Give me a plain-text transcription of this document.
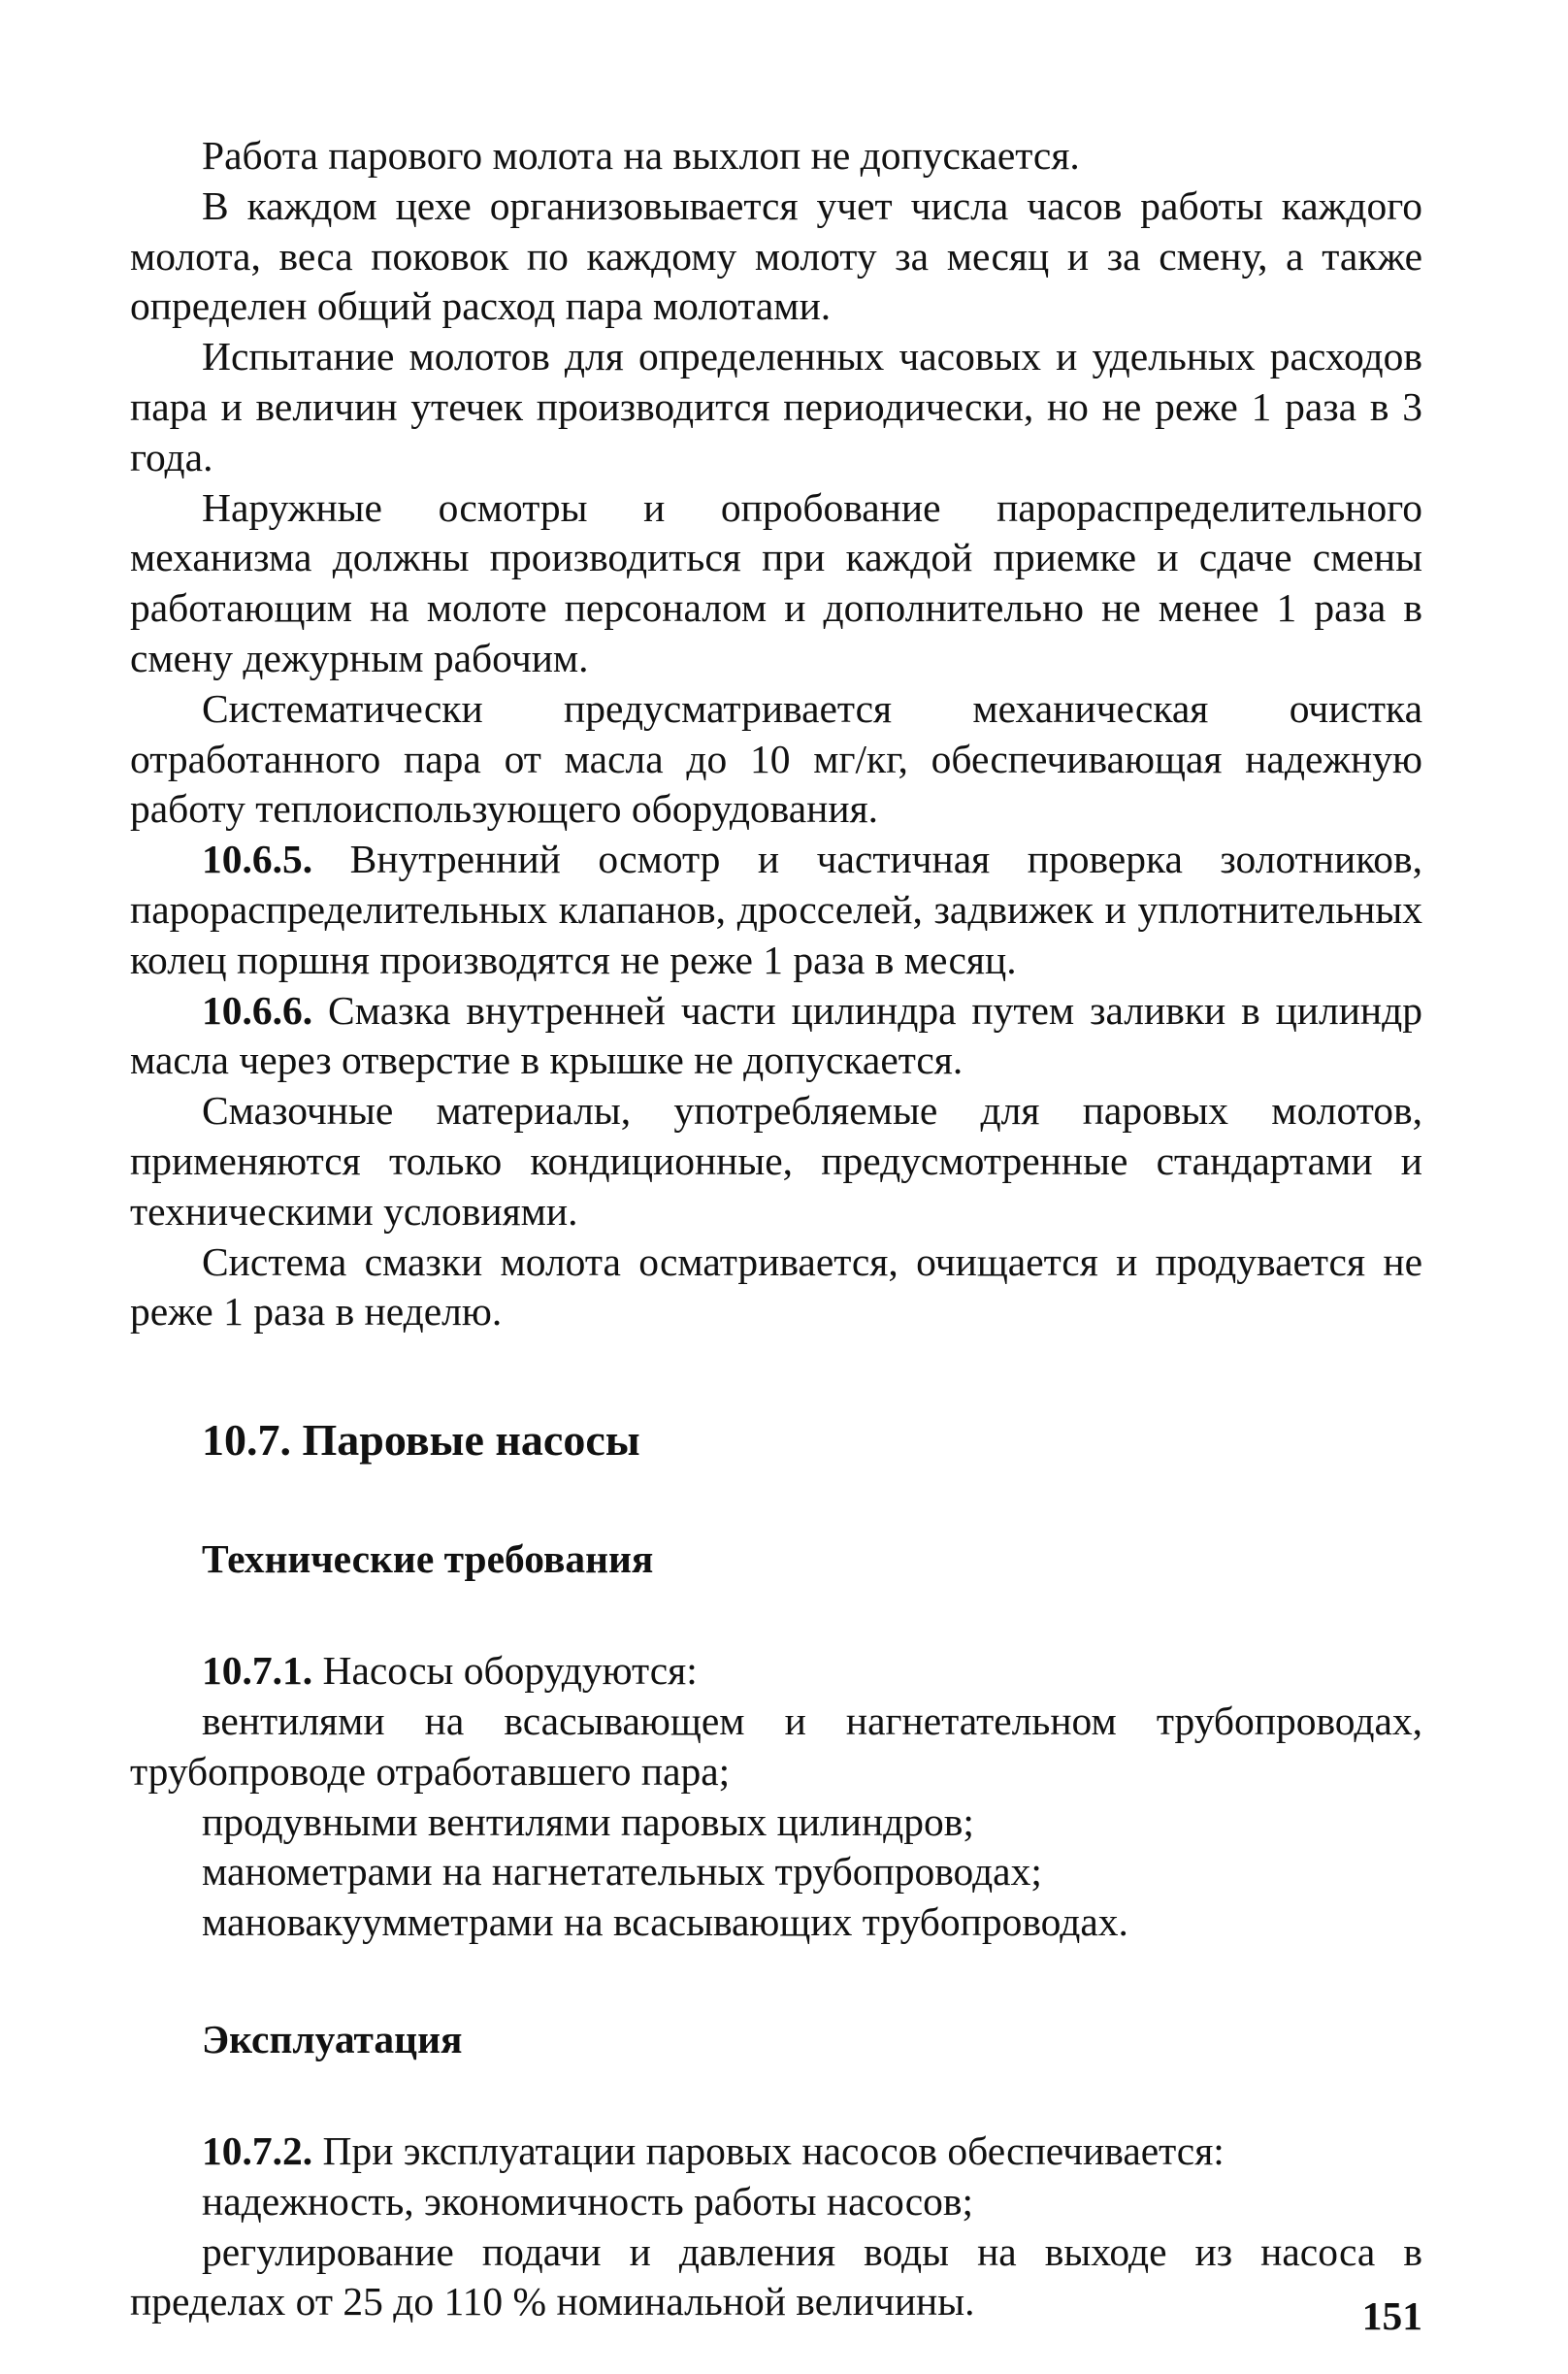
Работа парового молота на выхлоп не допускается.

В каждом цехе организовывается учет числа часов работы каждого молота, веса поковок по каждому молоту за месяц и за смену, а также определен общий расход пара молотами.

Испытание молотов для определенных часовых и удельных расходов пара и величин утечек производится периодически, но не реже 1 раза в 3 года.

Наружные осмотры и опробование парораспределительного механизма должны производиться при каждой приемке и сдаче смены работающим на молоте персоналом и дополнительно не менее 1 раза в смену дежурным рабочим.

Систематически предусматривается механическая очистка отработанного пара от масла до 10 мг/кг, обеспечивающая надежную работу теплоиспользующего оборудования.

10.6.5. Внутренний осмотр и частичная проверка золотников, парораспределительных клапанов, дросселей, задвижек и уплотнительных колец поршня производятся не реже 1 раза в месяц.

10.6.6. Смазка внутренней части цилиндра путем заливки в цилиндр масла через отверстие в крышке не допускается.

Смазочные материалы, употребляемые для паровых молотов, применяются только кондиционные, предусмотренные стандартами и техническими условиями.

Система смазки молота осматривается, очищается и продувается не реже 1 раза в неделю.

10.7. Паровые насосы
Технические требования

10.7.1. Насосы оборудуются:

вентилями на всасывающем и нагнетательном трубопроводах, трубопроводе отработавшего пара;

продувными вентилями паровых цилиндров;

манометрами на нагнетательных трубопроводах;

мановакуумметрами на всасывающих трубопроводах.

Эксплуатация

10.7.2. При эксплуатации паровых насосов обеспечивается:

надежность, экономичность работы насосов;

регулирование подачи и давления воды на выходе из насоса в пределах от 25 до 110 % номинальной величины.	151
